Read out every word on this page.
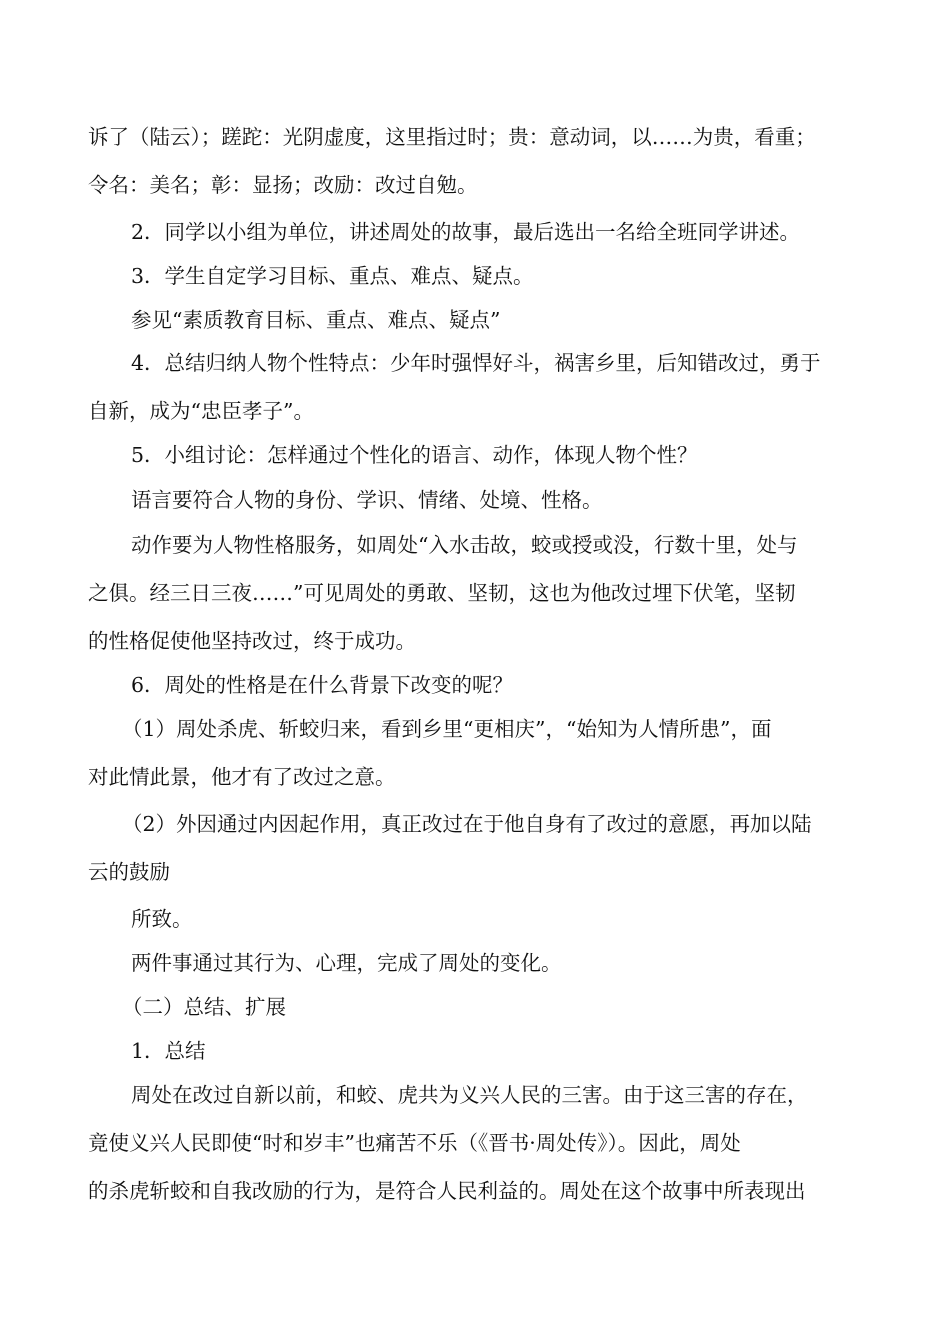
诉了（陆云）；蹉跎：光阴虚度，这里指过时；贵：意动词，以……为贵，看重；
令名：美名；彰：显扬；改励：改过自勉。
2．同学以小组为单位，讲述周处的故事，最后选出一名给全班同学讲述。
3．学生自定学习目标、重点、难点、疑点。
参见“素质教育目标、重点、难点、疑点”
4．总结归纳人物个性特点：少年时强悍好斗，祸害乡里，后知错改过，勇于
自新，成为“忠臣孝子”。
5．小组讨论：怎样通过个性化的语言、动作，体现人物个性？
语言要符合人物的身份、学识、情绪、处境、性格。
动作要为人物性格服务，如周处“入水击故，蛟或授或没，行数十里，处与
之俱。经三日三夜……”可见周处的勇敢、坚韧，这也为他改过埋下伏笔，坚韧
的性格促使他坚持改过，终于成功。
6．周处的性格是在什么背景下改变的呢？
（1）周处杀虎、斩蛟归来，看到乡里“更相庆”，“始知为人情所患”，面
对此情此景，他才有了改过之意。
（2）外因通过内因起作用，真正改过在于他自身有了改过的意愿，再加以陆
云的鼓励
所致。
两件事通过其行为、心理，完成了周处的变化。
（二）总结、扩展
1．总结
周处在改过自新以前，和蛟、虎共为义兴人民的三害。由于这三害的存在，
竟使义兴人民即使“时和岁丰”也痛苦不乐（《晋书·周处传》）。因此，周处
的杀虎斩蛟和自我改励的行为，是符合人民利益的。周处在这个故事中所表现出
